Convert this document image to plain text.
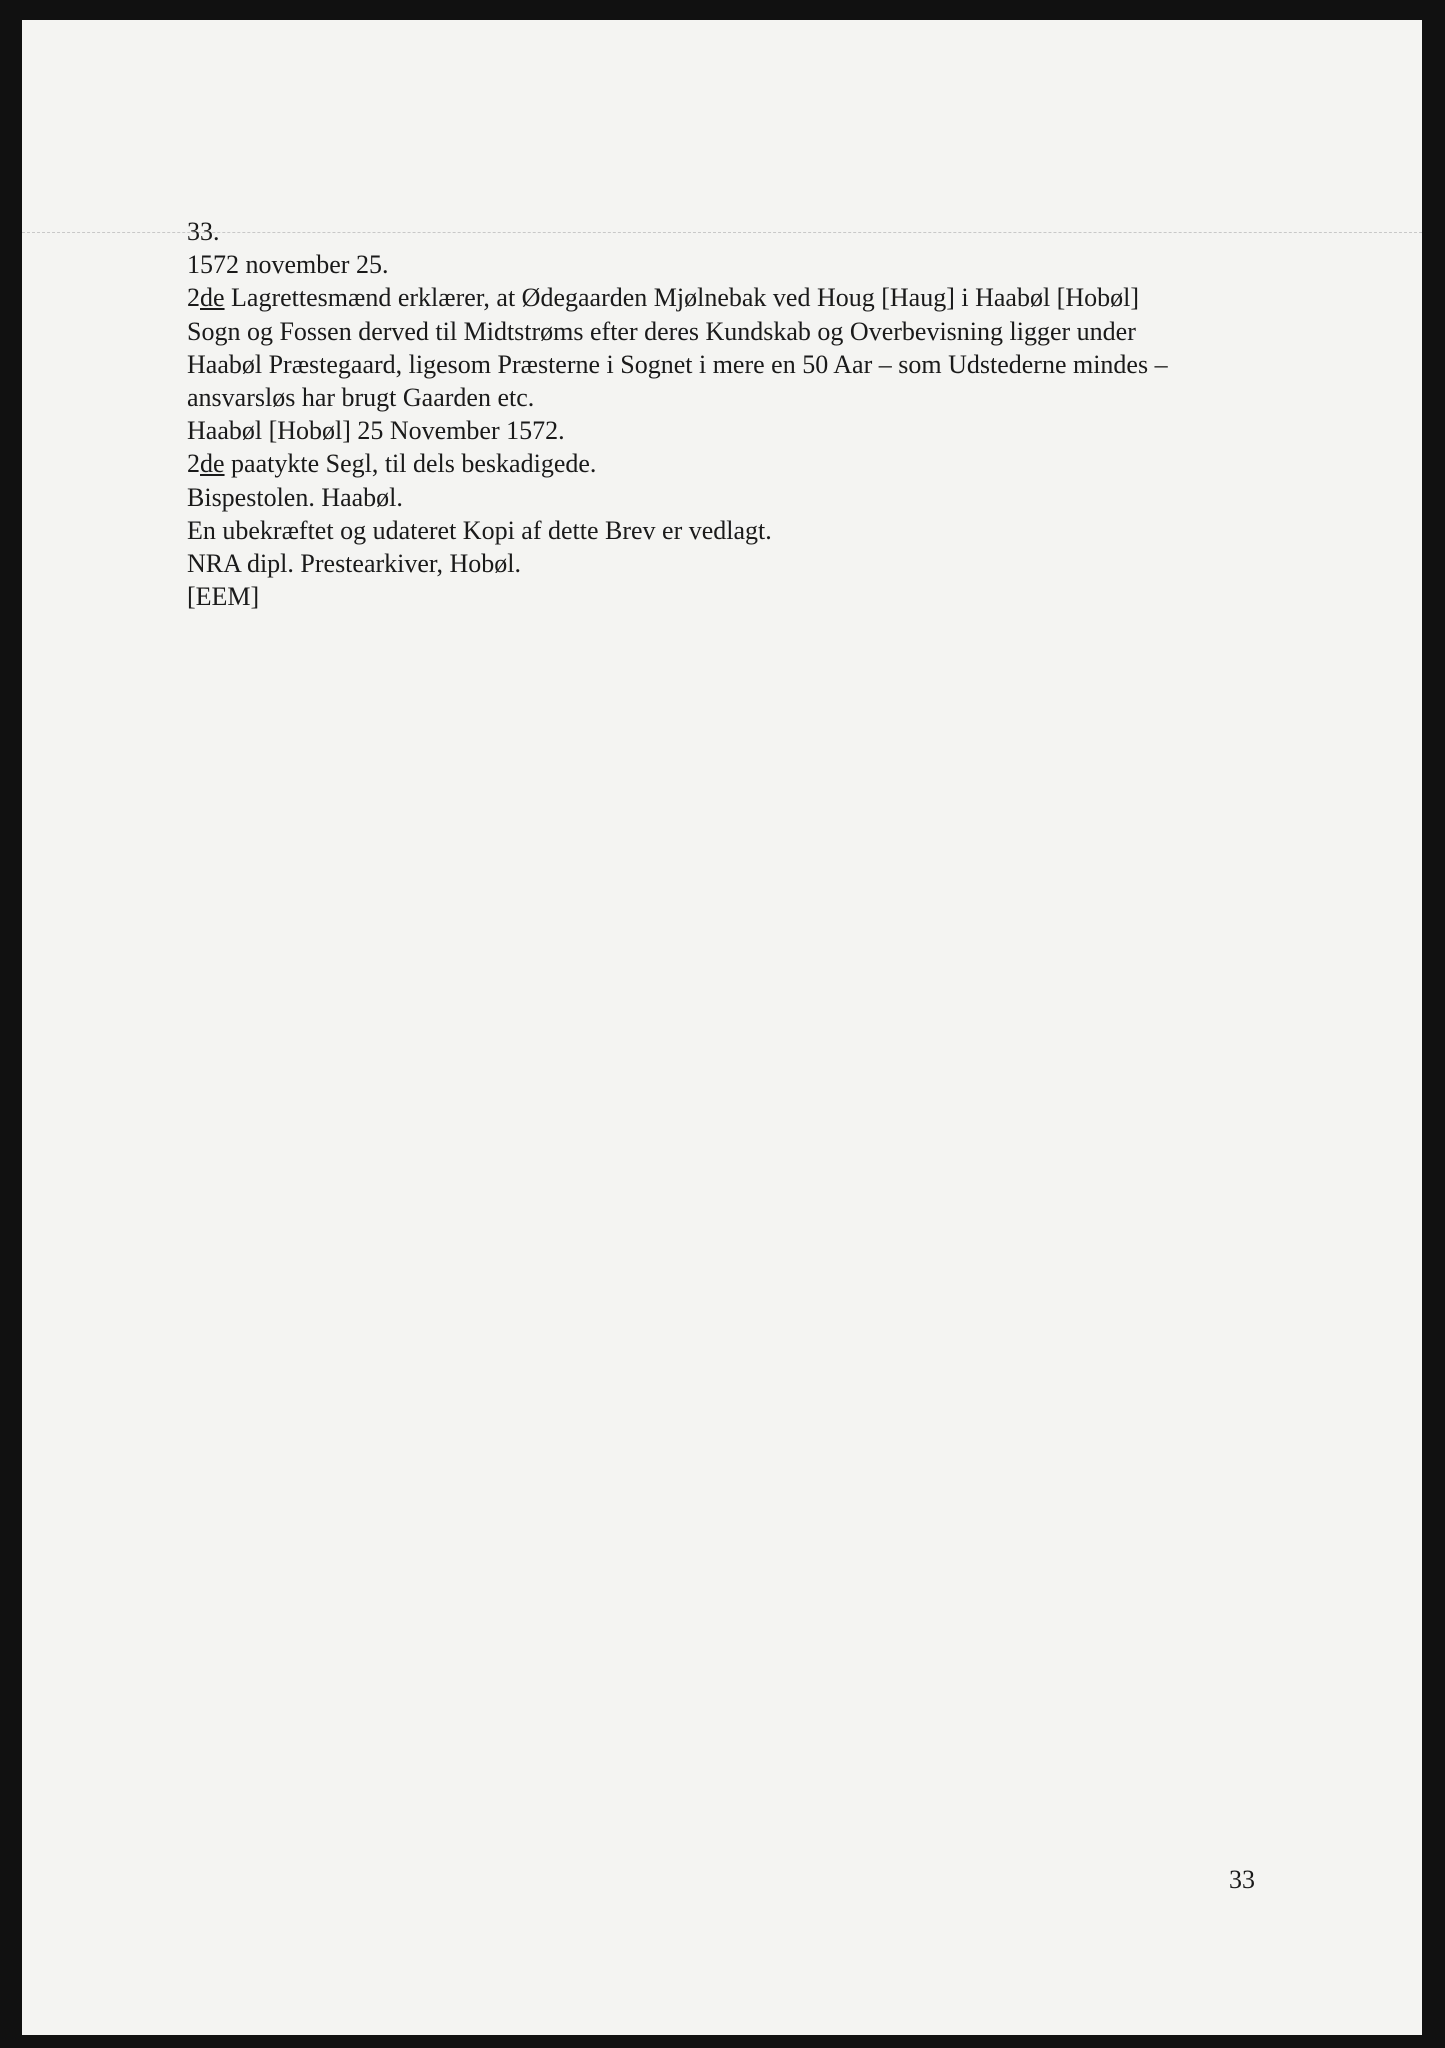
33.
1572 november 25.
2de Lagrettesmænd erklærer, at Ødegaarden Mjølnebak ved Houg [Haug] i Haabøl [Hobøl]
Sogn og Fossen derved til Midtstrøms efter deres Kundskab og Overbevisning ligger under
Haabøl Præstegaard, ligesom Præsterne i Sognet i mere en 50 Aar – som Udstederne mindes –
ansvarsløs har brugt Gaarden etc.
Haabøl [Hobøl] 25 November 1572.
2de paatykte Segl, til dels beskadigede.
Bispestolen. Haabøl.
En ubekræftet og udateret Kopi af dette Brev er vedlagt.
NRA dipl. Prestearkiver, Hobøl.
[EEM]
33
